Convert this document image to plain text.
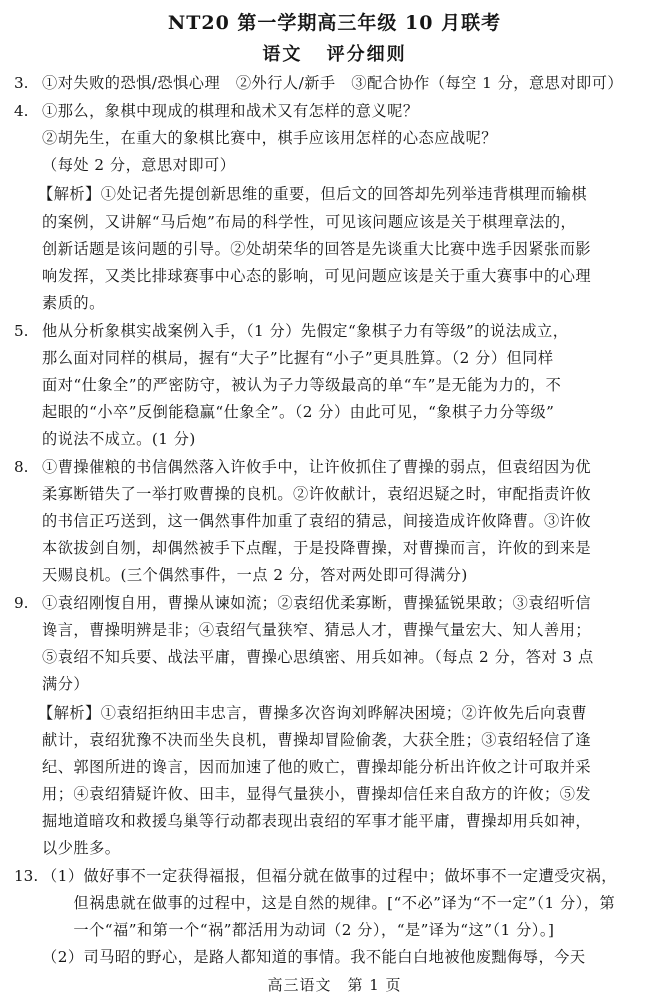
NT20 第一学期高三年级 10 月联考
语文 评分细则
3. ①对失败的恐惧/恐惧心理　②外行人/新手　③配合协作（每空 1 分，意思对即可）
4. ①那么，象棋中现成的棋理和战术又有怎样的意义呢？
②胡先生，在重大的象棋比赛中，棋手应该用怎样的心态应战呢？
（每处 2 分，意思对即可）
【解析】①处记者先提创新思维的重要，但后文的回答却先列举违背棋理而输棋
的案例，又讲解“马后炮”布局的科学性，可见该问题应该是关于棋理章法的，
创新话题是该问题的引导。②处胡荣华的回答是先谈重大比赛中选手因紧张而影
响发挥，又类比排球赛事中心态的影响，可见问题应该是关于重大赛事中的心理
素质的。
5. 他从分析象棋实战案例入手，（1 分）先假定“象棋子力有等级”的说法成立，
那么面对同样的棋局，握有“大子”比握有“小子”更具胜算。（2 分）但同样
面对“仕象全”的严密防守，被认为子力等级最高的单“车”是无能为力的，不
起眼的“小卒”反倒能稳赢“仕象全”。（2 分）由此可见，“象棋子力分等级”
的说法不成立。(1 分)
8. ①曹操催粮的书信偶然落入许攸手中，让许攸抓住了曹操的弱点，但袁绍因为优
柔寡断错失了一举打败曹操的良机。②许攸献计，袁绍迟疑之时，审配指责许攸
的书信正巧送到，这一偶然事件加重了袁绍的猜忌，间接造成许攸降曹。③许攸
本欲拔剑自刎，却偶然被手下点醒，于是投降曹操，对曹操而言，许攸的到来是
天赐良机。(三个偶然事件，一点 2 分，答对两处即可得满分)
9. ①袁绍刚愎自用，曹操从谏如流；②袁绍优柔寡断，曹操猛锐果敢；③袁绍听信
谗言，曹操明辨是非；④袁绍气量狭窄、猜忌人才，曹操气量宏大、知人善用；
⑤袁绍不知兵要、战法平庸，曹操心思缜密、用兵如神。（每点 2 分，答对 3 点
满分）
【解析】①袁绍拒纳田丰忠言，曹操多次咨询刘晔解决困境；②许攸先后向袁曹
献计，袁绍犹豫不决而坐失良机，曹操却冒险偷袭，大获全胜；③袁绍轻信了逢
纪、郭图所进的谗言，因而加速了他的败亡，曹操却能分析出许攸之计可取并采
用；④袁绍猜疑许攸、田丰，显得气量狭小，曹操却信任来自敌方的许攸；⑤发
掘地道暗攻和救援乌巢等行动都表现出袁绍的军事才能平庸，曹操却用兵如神，
以少胜多。
13. （1）做好事不一定获得福报，但福分就在做事的过程中；做坏事不一定遭受灾祸，
　　但祸患就在做事的过程中，这是自然的规律。[“不必”译为“不一定”（1 分），第
　　一个“福”和第一个“祸”都活用为动词（2 分），“是”译为“这”（1 分）。]
（2）司马昭的野心，是路人都知道的事情。我不能白白地被他废黜侮辱，今天
高三语文　第 1 页
